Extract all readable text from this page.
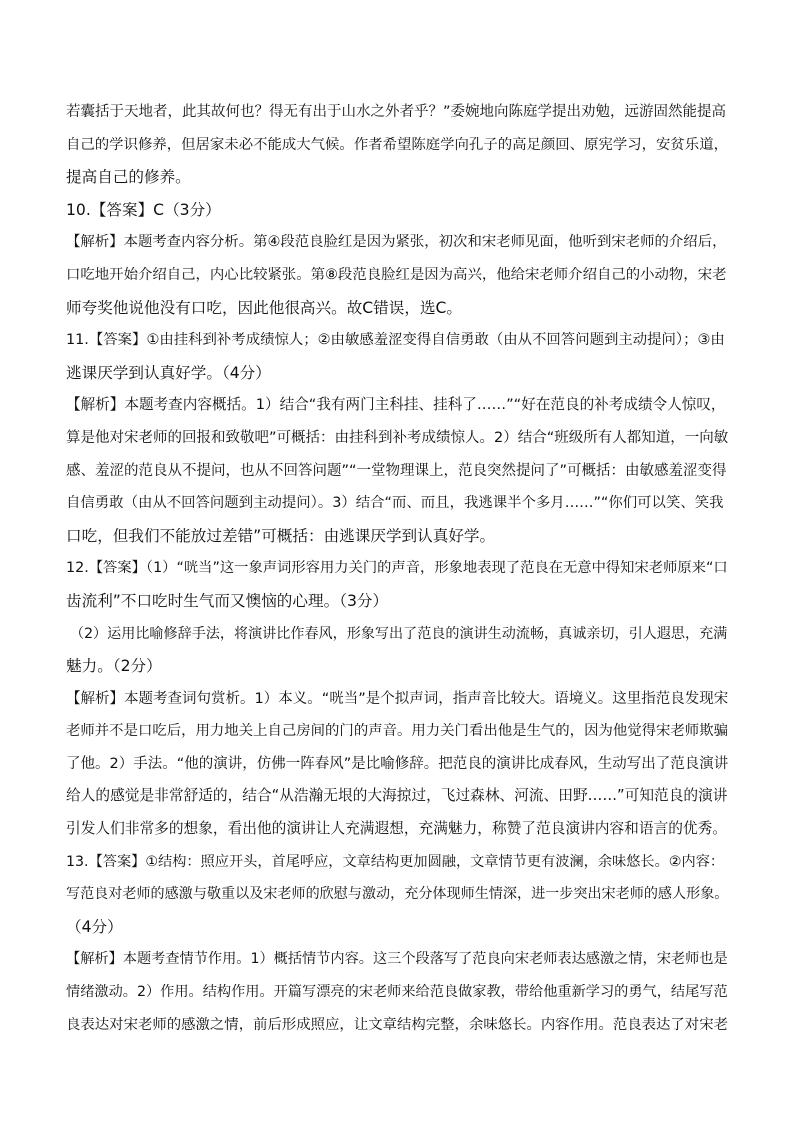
若囊括于天地者，此其故何也？得无有出于山水之外者乎？”委婉地向陈庭学提出劝勉，远游固然能提高

自己的学识修养，但居家未必不能成大气候。作者希望陈庭学向孔子的高足颜回、原宪学习，安贫乐道，

提高自己的修养。

10.【答案】C（3分）

【解析】本题考查内容分析。第④段范良脸红是因为紧张，初次和宋老师见面，他听到宋老师的介绍后，

口吃地开始介绍自己，内心比较紧张。第⑧段范良脸红是因为高兴，他给宋老师介绍自己的小动物，宋老

师夸奖他说他没有口吃，因此他很高兴。故C错误，选C。

11.【答案】①由挂科到补考成绩惊人；②由敏感羞涩变得自信勇敢（由从不回答问题到主动提问）；③由

逃课厌学到认真好学。（4分）

【解析】本题考查内容概括。1）结合“我有两门主科挂、挂科了……”“好在范良的补考成绩令人惊叹，

算是他对宋老师的回报和致敬吧”可概括：由挂科到补考成绩惊人。2）结合“班级所有人都知道，一向敏

感、羞涩的范良从不提问，也从不回答问题”“一堂物理课上，范良突然提问了”可概括：由敏感羞涩变得

自信勇敢（由从不回答问题到主动提问）。3）结合“而、而且，我逃课半个多月……”“你们可以笑、笑我

口吃，但我们不能放过差错”可概括：由逃课厌学到认真好学。

12.【答案】（1）“咣当”这一象声词形容用力关门的声音，形象地表现了范良在无意中得知宋老师原来“口

齿流利”不口吃时生气而又懊恼的心理。（3分）

（2）运用比喻修辞手法，将演讲比作春风，形象写出了范良的演讲生动流畅，真诚亲切，引人遐思，充满

魅力。（2分）

【解析】本题考查词句赏析。1）本义。“咣当”是个拟声词，指声音比较大。语境义。这里指范良发现宋

老师并不是口吃后，用力地关上自己房间的门的声音。用力关门看出他是生气的，因为他觉得宋老师欺骗

了他。2）手法。“他的演讲，仿佛一阵春风”是比喻修辞。把范良的演讲比成春风，生动写出了范良演讲

给人的感觉是非常舒适的，结合“从浩瀚无垠的大海掠过，飞过森林、河流、田野……”可知范良的演讲

引发人们非常多的想象，看出他的演讲让人充满遐想，充满魅力，称赞了范良演讲内容和语言的优秀。

13.【答案】①结构：照应开头，首尾呼应，文章结构更加圆融，文章情节更有波澜，余味悠长。②内容：

写范良对老师的感激与敬重以及宋老师的欣慰与激动，充分体现师生情深，进一步突出宋老师的感人形象。

（4分）

【解析】本题考查情节作用。1）概括情节内容。这三个段落写了范良向宋老师表达感激之情，宋老师也是

情绪激动。2）作用。结构作用。开篇写漂亮的宋老师来给范良做家教，带给他重新学习的勇气，结尾写范

良表达对宋老师的感激之情，前后形成照应，让文章结构完整，余味悠长。内容作用。范良表达了对宋老
